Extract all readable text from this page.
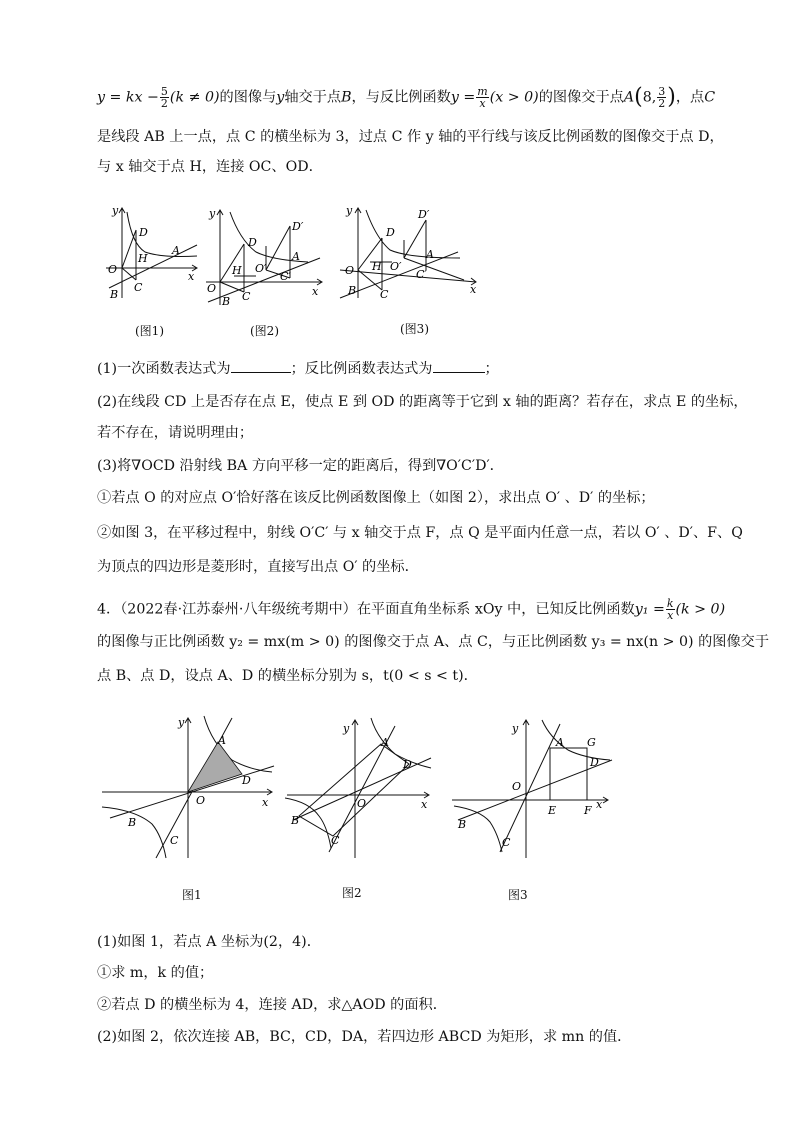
y = kx − $\frac{5}{2} (k \ne 0)$的图像与y轴交于点B，与反比例函数$y = \frac{m}{x} (x > 0)$的图像交于点A(8, $\frac{3}{2}$ )，点C
是线段 AB 上一点，点 C 的横坐标为 3，过点 C 作 y 轴的平行线与该反比例函数的图像交于点 D，
与 x 轴交于点 H，连接 OC、OD．
y
x
O
D
H
A
C
B
(图1)
y
x
O
D
H O′
D′
A
C′
C
B
(图2)
y
x
O
D
H O′
D′
A
C′
C
B
(图3)
(1)一次函数表达式为	；反比例函数表达式为	；
(2)在线段 CD 上是否存在点 E，使点 E 到 OD 的距离等于它到 x 轴的距离？若存在，求点 E 的坐标，
若不存在，请说明理由；
(3)将∇OCD 沿射线 BA 方向平移一定的距离后，得到∇O′C′D′．
①若点 O 的对应点 O′恰好落在该反比例函数图像上（如图 2），求出点 O′ 、D′ 的坐标；
②如图 3，在平移过程中，射线 O′C′ 与 x 轴交于点 F，点 Q 是平面内任意一点，若以 O′ 、D′、F、Q
为顶点的四边形是菱形时，直接写出点 O′ 的坐标．
4．（2022春·江苏泰州·八年级统考期中）在平面直角坐标系 xOy 中，已知反比例函数$y_1 = \frac{k}{x} (k > 0)$
的图像与正比例函数 y₂ = mx(m > 0) 的图像交于点 A、点 C，与正比例函数 y₃ = nx(n > 0) 的图像交于
点 B、点 D，设点 A、D 的横坐标分别为 s，t(0 < s < t)．
y
x
O
A
D
B
C
图1
y
x
O
A
D
B
C
图2
y
x
O
A G
D
E	F
B
C
图3
(1)如图 1，若点 A 坐标为(2，4)．
①求 m，k 的值；
②若点 D 的横坐标为 4，连接 AD，求△AOD 的面积．
(2)如图 2，依次连接 AB，BC，CD，DA，若四边形 ABCD 为矩形，求 mn 的值．
